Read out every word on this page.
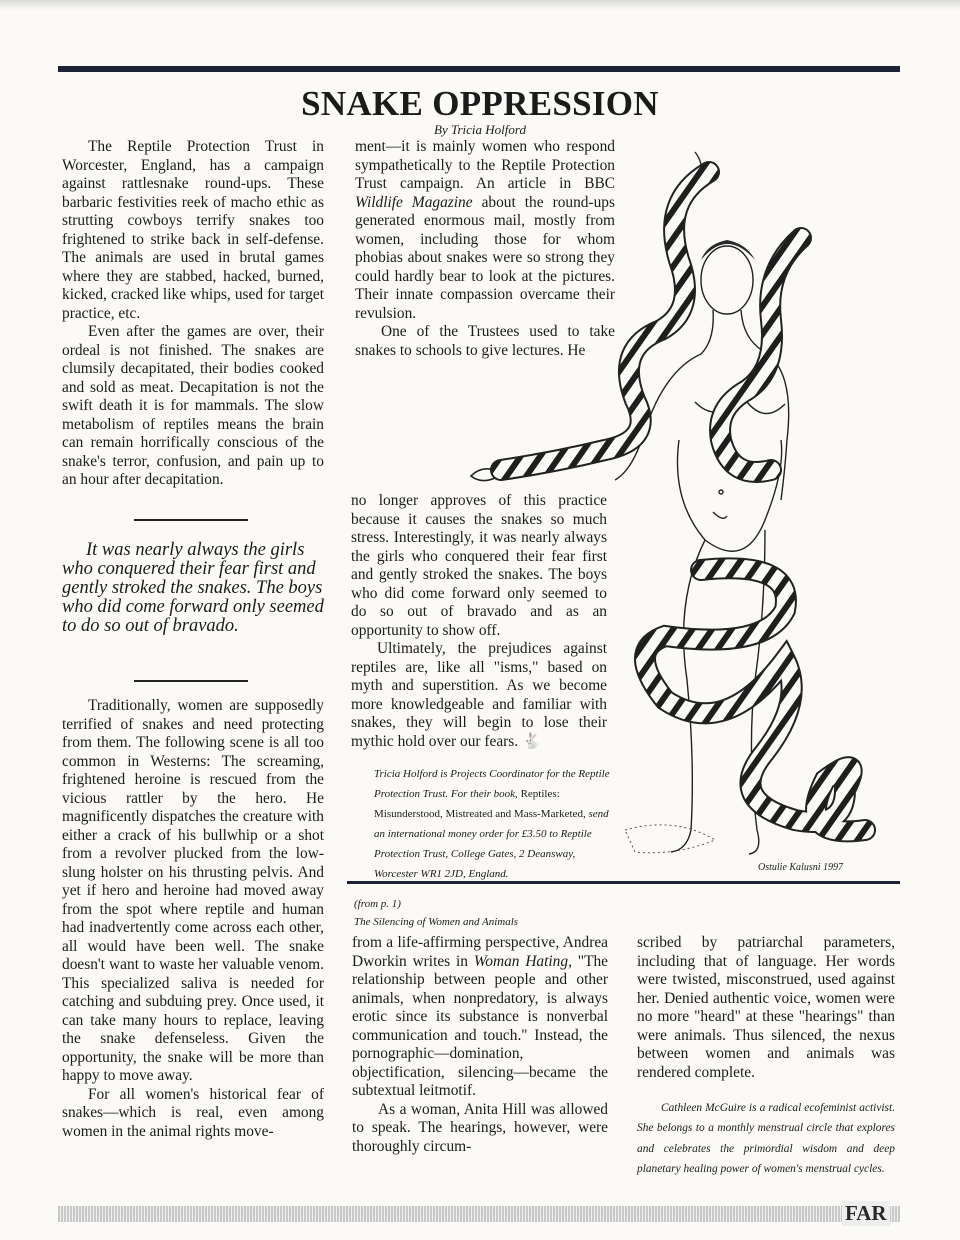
SNAKE OPPRESSION
By Tricia Holford

The Reptile Protection Trust in Worcester, England, has a campaign against rattlesnake round-ups. These barbaric festivities reek of macho ethic as strutting cowboys terrify snakes too frightened to strike back in self-defense. The animals are used in brutal games where they are stabbed, hacked, burned, kicked, cracked like whips, used for target practice, etc.

Even after the games are over, their ordeal is not finished. The snakes are clumsily decapitated, their bodies cooked and sold as meat. Decapitation is not the swift death it is for mammals. The slow metabolism of reptiles means the brain can remain horrifically conscious of the snake's terror, confusion, and pain up to an hour after decapitation.

It was nearly always the girls who conquered their fear first and gently stroked the snakes. The boys who did come forward only seemed to do so out of bravado.

Traditionally, women are supposedly terrified of snakes and need protecting from them. The following scene is all too common in Westerns: The screaming, frightened heroine is rescued from the vicious rattler by the hero. He magnificently dispatches the creature with either a crack of his bullwhip or a shot from a revolver plucked from the low-slung holster on his thrusting pelvis. And yet if hero and heroine had moved away from the spot where reptile and human had inadvertently come across each other, all would have been well. The snake doesn't want to waste her valuable venom. This specialized saliva is needed for catching and subduing prey. Once used, it can take many hours to replace, leaving the snake defenseless. Given the opportunity, the snake will be more than happy to move away.

For all women's historical fear of snakes—which is real, even among women in the animal rights move-

ment—it is mainly women who respond sympathetically to the Reptile Protection Trust campaign. An article in BBC Wildlife Magazine about the round-ups generated enormous mail, mostly from women, including those for whom phobias about snakes were so strong they could hardly bear to look at the pictures. Their innate compassion overcame their revulsion.

One of the Trustees used to take snakes to schools to give lectures. He

Ostulie Kalusni 1997

no longer approves of this practice because it causes the snakes so much stress. Interestingly, it was nearly always the girls who conquered their fear first and gently stroked the snakes. The boys who did come forward only seemed to do so out of bravado and as an opportunity to show off.

Ultimately, the prejudices against reptiles are, like all "isms," based on myth and superstition. As we become more knowledgeable and familiar with snakes, they will begin to lose their mythic hold over our fears. 🐇

Tricia Holford is Projects Coordinator for the Reptile Protection Trust. For their book, Reptiles: Misunderstood, Mistreated and Mass-Marketed, send an international money order for £3.50 to Reptile Protection Trust, College Gates, 2 Deansway, Worcester WR1 2JD, England.
(from p. 1)
The Silencing of Women and Animals

from a life-affirming perspective, Andrea Dworkin writes in Woman Hating, "The relationship between people and other animals, when nonpredatory, is always erotic since its substance is nonverbal communication and touch." Instead, the pornographic—domination, objectification, silencing—became the subtextual leitmotif.

As a woman, Anita Hill was allowed to speak. The hearings, however, were thoroughly circum-

scribed by patriarchal parameters, including that of language. Her words were twisted, misconstrued, used against her. Denied authentic voice, women were no more "heard" at these "hearings" than were animals. Thus silenced, the nexus between women and animals was rendered complete.

Cathleen McGuire is a radical ecofeminist activist. She belongs to a monthly menstrual circle that explores and celebrates the primordial wisdom and deep planetary healing power of women's menstrual cycles.

FAR
